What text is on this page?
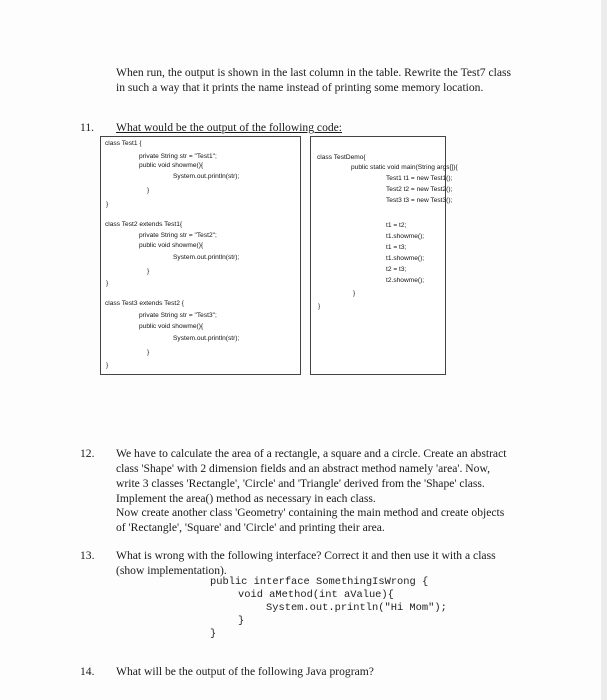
When run, the output is shown in the last column in the table. Rewrite the Test7 class
in such a way that it prints the name instead of printing some memory location.
11. What would be the output of the following code:
class Test1 {
private String str = "Test1";
public void showme(){
System.out.println(str);
}
}
class Test2 extends Test1{
private String str = "Test2";
public void showme(){
System.out.println(str);
}
}
class Test3 extends Test2 {
private String str = "Test3";
public void showme(){
System.out.println(str);
}
}
class TestDemo{
public static void main(String args[]){
Test1 t1 = new Test1();
Test2 t2 = new Test2();
Test3 t3 = new Test3();
t1 = t2;
t1.showme();
t1 = t3;
t1.showme();
t2 = t3;
t2.showme();
}
}
12. We have to calculate the area of a rectangle, a square and a circle. Create an abstract
class 'Shape' with 2 dimension fields and an abstract method namely 'area'. Now,
write 3 classes 'Rectangle', 'Circle' and 'Triangle' derived from the 'Shape' class.
Implement the area() method as necessary in each class.
Now create another class 'Geometry' containing the main method and create objects
of 'Rectangle', 'Square' and 'Circle' and printing their area.
13. What is wrong with the following interface? Correct it and then use it with a class
(show implementation).
public interface SomethingIsWrong {
void aMethod(int aValue){
System.out.println("Hi Mom");
}
}
14. What will be the output of the following Java program?
